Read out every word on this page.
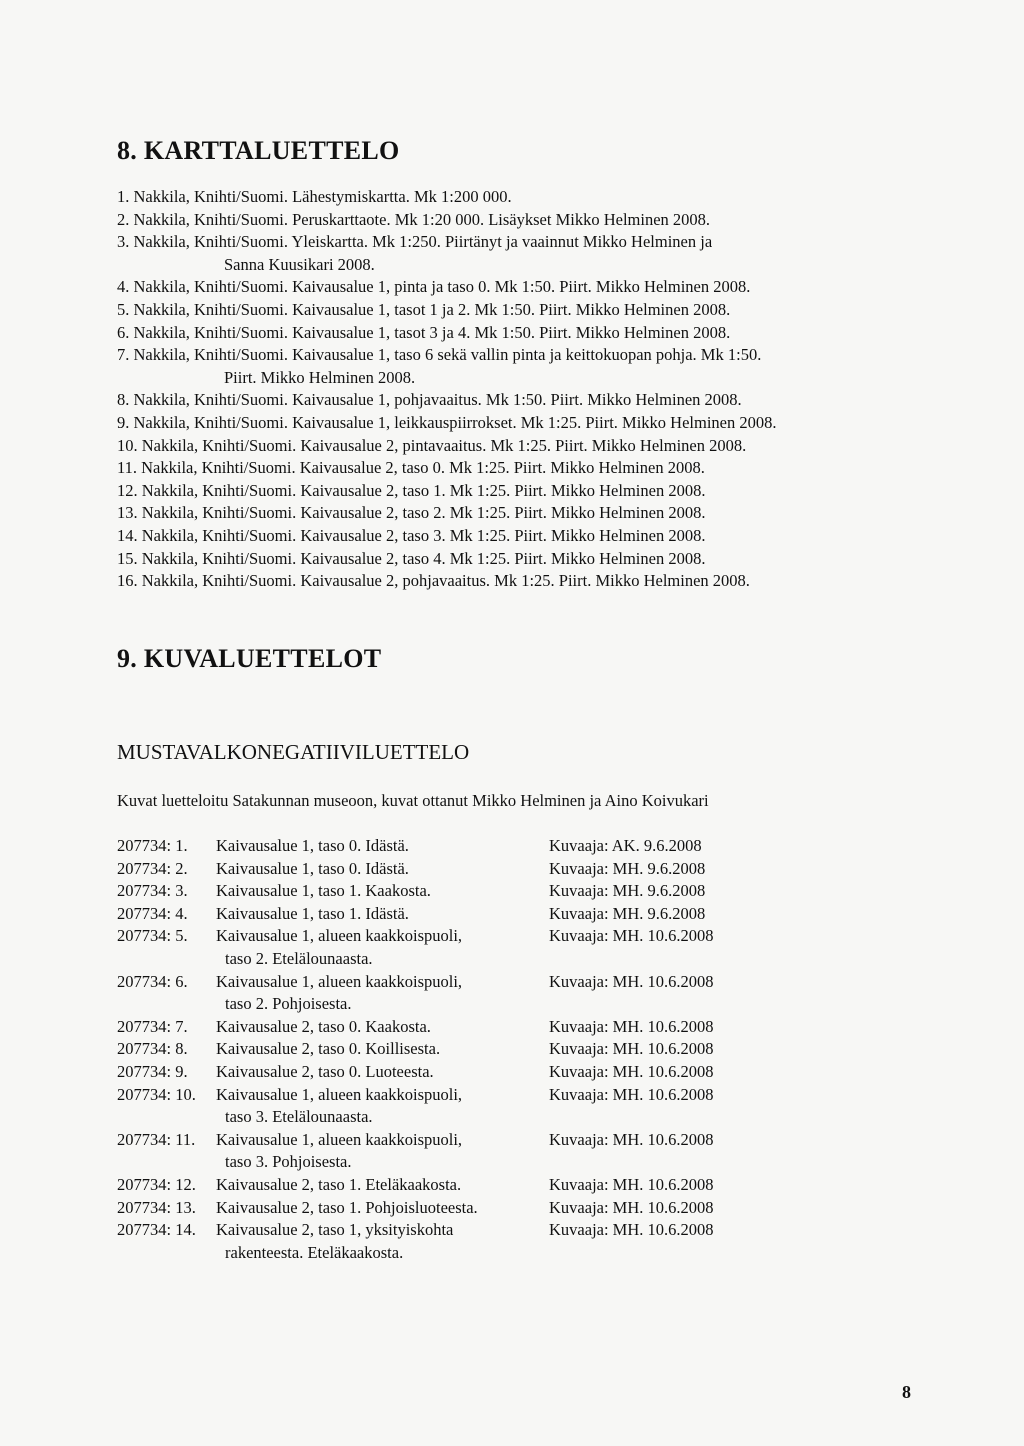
8. KARTTALUETTELO
1. Nakkila, Knihti/Suomi. Lähestymiskartta. Mk 1:200 000.
2. Nakkila, Knihti/Suomi. Peruskarttaote. Mk 1:20 000. Lisäykset Mikko Helminen 2008.
3. Nakkila, Knihti/Suomi. Yleiskartta. Mk 1:250. Piirtänyt ja vaainnut Mikko Helminen ja
Sanna Kuusikari 2008.
4. Nakkila, Knihti/Suomi. Kaivausalue 1, pinta ja taso 0. Mk 1:50. Piirt. Mikko Helminen 2008.
5. Nakkila, Knihti/Suomi. Kaivausalue 1, tasot 1 ja 2. Mk 1:50. Piirt. Mikko Helminen 2008.
6. Nakkila, Knihti/Suomi. Kaivausalue 1, tasot 3 ja 4. Mk 1:50. Piirt. Mikko Helminen 2008.
7. Nakkila, Knihti/Suomi. Kaivausalue 1, taso 6 sekä vallin pinta ja keittokuopan pohja. Mk 1:50.
Piirt. Mikko Helminen 2008.
8. Nakkila, Knihti/Suomi. Kaivausalue 1, pohjavaaitus. Mk 1:50. Piirt. Mikko Helminen 2008.
9. Nakkila, Knihti/Suomi. Kaivausalue 1, leikkauspiirrokset. Mk 1:25. Piirt. Mikko Helminen 2008.
10. Nakkila, Knihti/Suomi. Kaivausalue 2, pintavaaitus. Mk 1:25. Piirt. Mikko Helminen 2008.
11. Nakkila, Knihti/Suomi. Kaivausalue 2, taso 0. Mk 1:25. Piirt. Mikko Helminen 2008.
12. Nakkila, Knihti/Suomi. Kaivausalue 2, taso 1. Mk 1:25. Piirt. Mikko Helminen 2008.
13. Nakkila, Knihti/Suomi. Kaivausalue 2, taso 2. Mk 1:25. Piirt. Mikko Helminen 2008.
14. Nakkila, Knihti/Suomi. Kaivausalue 2, taso 3. Mk 1:25. Piirt. Mikko Helminen 2008.
15. Nakkila, Knihti/Suomi. Kaivausalue 2, taso 4. Mk 1:25. Piirt. Mikko Helminen 2008.
16. Nakkila, Knihti/Suomi. Kaivausalue 2, pohjavaaitus. Mk 1:25. Piirt. Mikko Helminen 2008.
9. KUVALUETTELOT
MUSTAVALKONEGATIIVILUETTELO
Kuvat luetteloitu Satakunnan museoon, kuvat ottanut Mikko Helminen ja Aino Koivukari
207734: 1.	Kaivausalue 1, taso 0. Idästä.	Kuvaaja: AK. 9.6.2008
207734: 2.	Kaivausalue 1, taso 0. Idästä.	Kuvaaja: MH. 9.6.2008
207734: 3.	Kaivausalue 1, taso 1. Kaakosta.	Kuvaaja: MH. 9.6.2008
207734: 4.	Kaivausalue 1, taso 1. Idästä.	Kuvaaja: MH. 9.6.2008
207734: 5.	Kaivausalue 1, alueen kaakkoispuoli,
taso 2. Etelälounaasta.
Kuvaaja: MH. 10.6.2008
207734: 6.	Kaivausalue 1, alueen kaakkoispuoli,
taso 2. Pohjoisesta.
Kuvaaja: MH. 10.6.2008
207734: 7.	Kaivausalue 2, taso 0. Kaakosta.	Kuvaaja: MH. 10.6.2008
207734: 8.	Kaivausalue 2, taso 0. Koillisesta.	Kuvaaja: MH. 10.6.2008
207734: 9.	Kaivausalue 2, taso 0. Luoteesta.	Kuvaaja: MH. 10.6.2008
207734: 10.	Kaivausalue 1, alueen kaakkoispuoli,
taso 3. Etelälounaasta.
Kuvaaja: MH. 10.6.2008
207734: 11.	Kaivausalue 1, alueen kaakkoispuoli,
taso 3. Pohjoisesta.
Kuvaaja: MH. 10.6.2008
207734: 12.	Kaivausalue 2, taso 1. Eteläkaakosta.	Kuvaaja: MH. 10.6.2008
207734: 13.	Kaivausalue 2, taso 1. Pohjoisluoteesta.	Kuvaaja: MH. 10.6.2008
207734: 14.	Kaivausalue 2, taso 1, yksityiskohta
rakenteesta. Eteläkaakosta.
Kuvaaja: MH. 10.6.2008
8
